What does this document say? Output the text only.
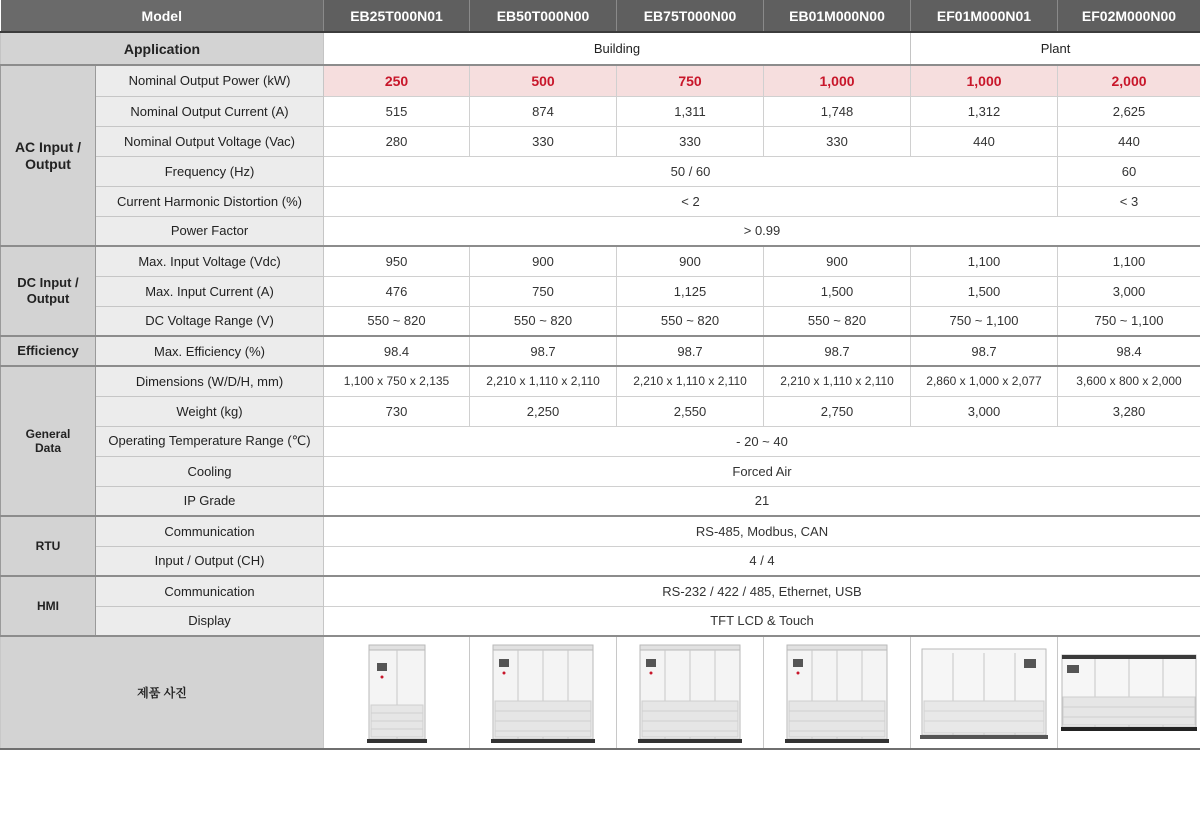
Model		EB25T000N01	EB50T000N00	EB75T000N00	EB01M000N00	EF01M000N01	EF02M000N00
Application		Building				Plant	
AC Input /
Output	Nominal Output Power (kW)	250	500	750	1,000	1,000	2,000
	Nominal Output Current (A)	515	874	1,311	1,748	1,312	2,625
	Nominal Output Voltage (Vac)	280	330	330	330	440	440
	Frequency (Hz)	50 / 60					60
	Current Harmonic Distortion (%)	< 2					< 3
	Power Factor	> 0.99					
DC Input /
Output	Max. Input Voltage (Vdc)	950	900	900	900	1,100	1,100
	Max. Input Current (A)	476	750	1,125	1,500	1,500	3,000
	DC Voltage Range (V)	550 ~ 820	550 ~ 820	550 ~ 820	550 ~ 820	750 ~ 1,100	750 ~ 1,100
Efficiency	Max. Efficiency (%)	98.4	98.7	98.7	98.7	98.7	98.4
General
Data	Dimensions (W/D/H, mm)	1,100 x 750 x 2,135	2,210 x 1,110 x 2,110	2,210 x 1,110 x 2,110	2,210 x 1,110 x 2,110	2,860 x 1,000 x 2,077	3,600 x 800 x 2,000
	Weight (kg)	730	2,250	2,550	2,750	3,000	3,280
	Operating Temperature Range (℃)	- 20 ~ 40					
	Cooling	Forced Air					
	IP Grade	21					
RTU	Communication	RS-485, Modbus, CAN					
	Input / Output (CH)	4 / 4					
HMI	Communication	RS-232 / 422 / 485, Ethernet, USB					
	Display	TFT LCD & Touch					
제품 사진	
